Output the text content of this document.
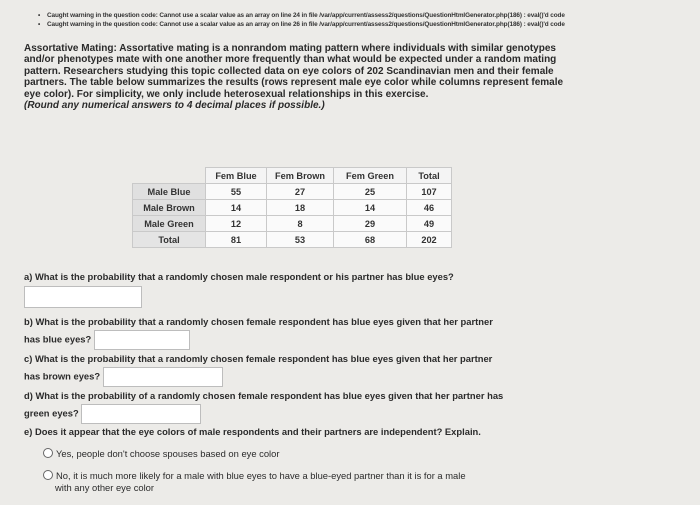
• Caught warning in the question code: Cannot use a scalar value as an array on line 24 in file /var/app/current/assess2/questions/QuestionHtmlGenerator.php(186) : eval()'d code
• Caught warning in the question code: Cannot use a scalar value as an array on line 26 in file /var/app/current/assess2/questions/QuestionHtmlGenerator.php(186) : eval()'d code
Assortative Mating: Assortative mating is a nonrandom mating pattern where individuals with similar genotypes and/or phenotypes mate with one another more frequently than what would be expected under a random mating pattern. Researchers studying this topic collected data on eye colors of 202 Scandinavian men and their female partners. The table below summarizes the results (rows represent male eye color while columns represent female eye color). For simplicity, we only include heterosexual relationships in this exercise.
(Round any numerical answers to 4 decimal places if possible.)
	Fem Blue	Fem Brown	Fem Green	Total
Male Blue	55	27	25	107
Male Brown	14	18	14	46
Male Green	12	8	29	49
Total	81	53	68	202
a) What is the probability that a randomly chosen male respondent or his partner has blue eyes?
b) What is the probability that a randomly chosen female respondent has blue eyes given that her partner
has blue eyes?
c) What is the probability that a randomly chosen female respondent has blue eyes given that her partner
has brown eyes?
d) What is the probability of a randomly chosen female respondent has blue eyes given that her partner has
green eyes?
e) Does it appear that the eye colors of male respondents and their partners are independent? Explain.
Yes, people don't choose spouses based on eye color
No, it is much more likely for a male with blue eyes to have a blue-eyed partner than it is for a male
with any other eye color
